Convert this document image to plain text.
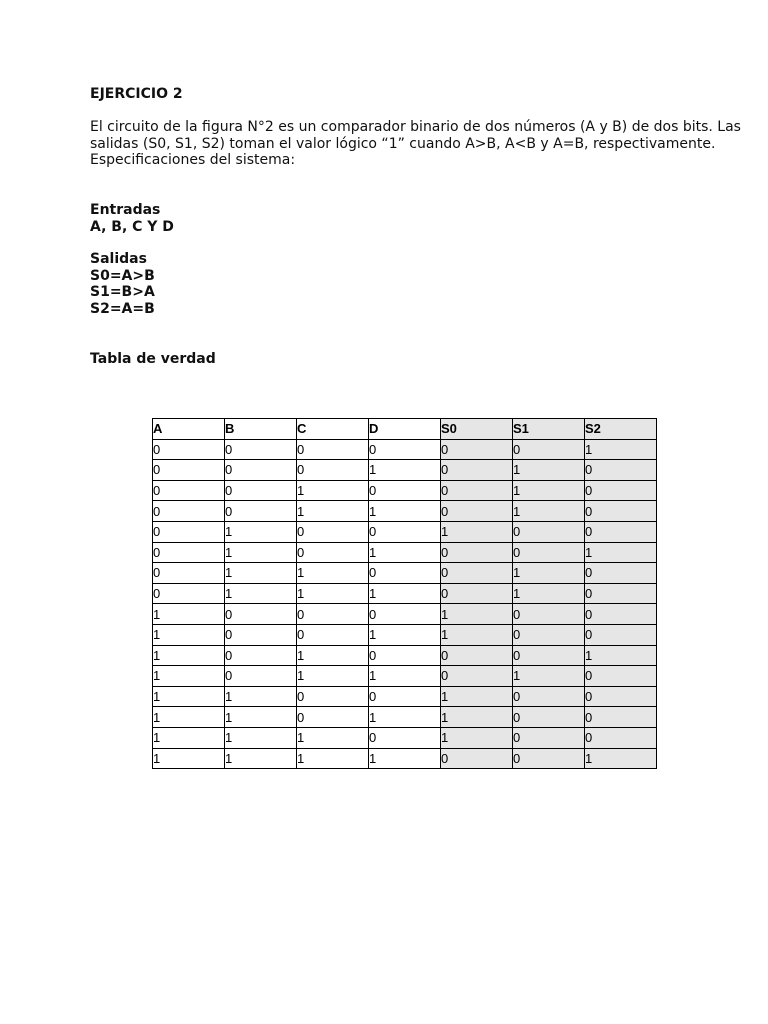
EJERCICIO 2

El circuito de la figura N°2 es un comparador binario de dos números (A y B) de dos bits. Las
salidas (S0, S1, S2) toman el valor lógico “1” cuando A>B, A<B y A=B, respectivamente.
Especificaciones del sistema:

Entradas
A, B, C Y D
Salidas
S0=A>B
S1=B>A
S2=A=B
Tabla de verdad
A	B	C	D	S0	S1	S2
0	0	0	0	0	0	1
0	0	0	1	0	1	0
0	0	1	0	0	1	0
0	0	1	1	0	1	0
0	1	0	0	1	0	0
0	1	0	1	0	0	1
0	1	1	0	0	1	0
0	1	1	1	0	1	0
1	0	0	0	1	0	0
1	0	0	1	1	0	0
1	0	1	0	0	0	1
1	0	1	1	0	1	0
1	1	0	0	1	0	0
1	1	0	1	1	0	0
1	1	1	0	1	0	0
1	1	1	1	0	0	1
